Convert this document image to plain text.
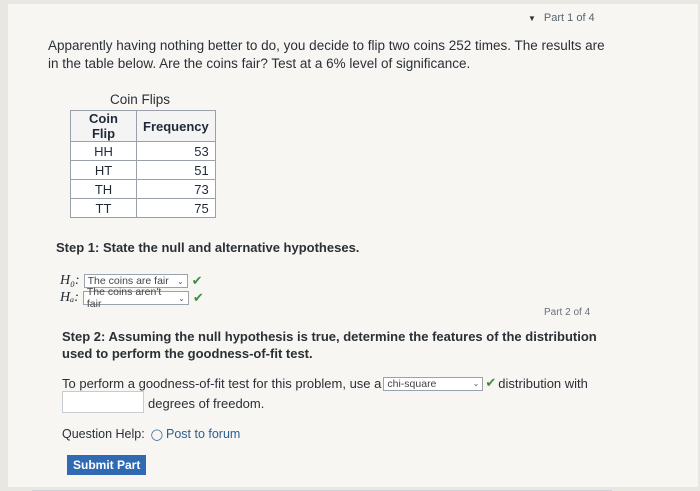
▼ Part 1 of 4
Apparently having nothing better to do, you decide to flip two coins 252 times. The results are in the table below. Are the coins fair? Test at a 6% level of significance.
Coin Flips
Coin Flip	Frequency
HH	53
HT	51
TH	73
TT	75
Step 1: State the null and alternative hypotheses.
H₀: The coins are fair ⌄ ✔
Hₐ: The coins aren't fair	⌄ ✔
Part 2 of 4
Step 2: Assuming the null hypothesis is true, determine the features of the distribution used to perform the goodness-of-fit test.
To perform a goodness-of-fit test for this problem, use a chi-square	⌄ ✔ distribution with
degrees of freedom.
Question Help: ◯ Post to forum
Submit Part
